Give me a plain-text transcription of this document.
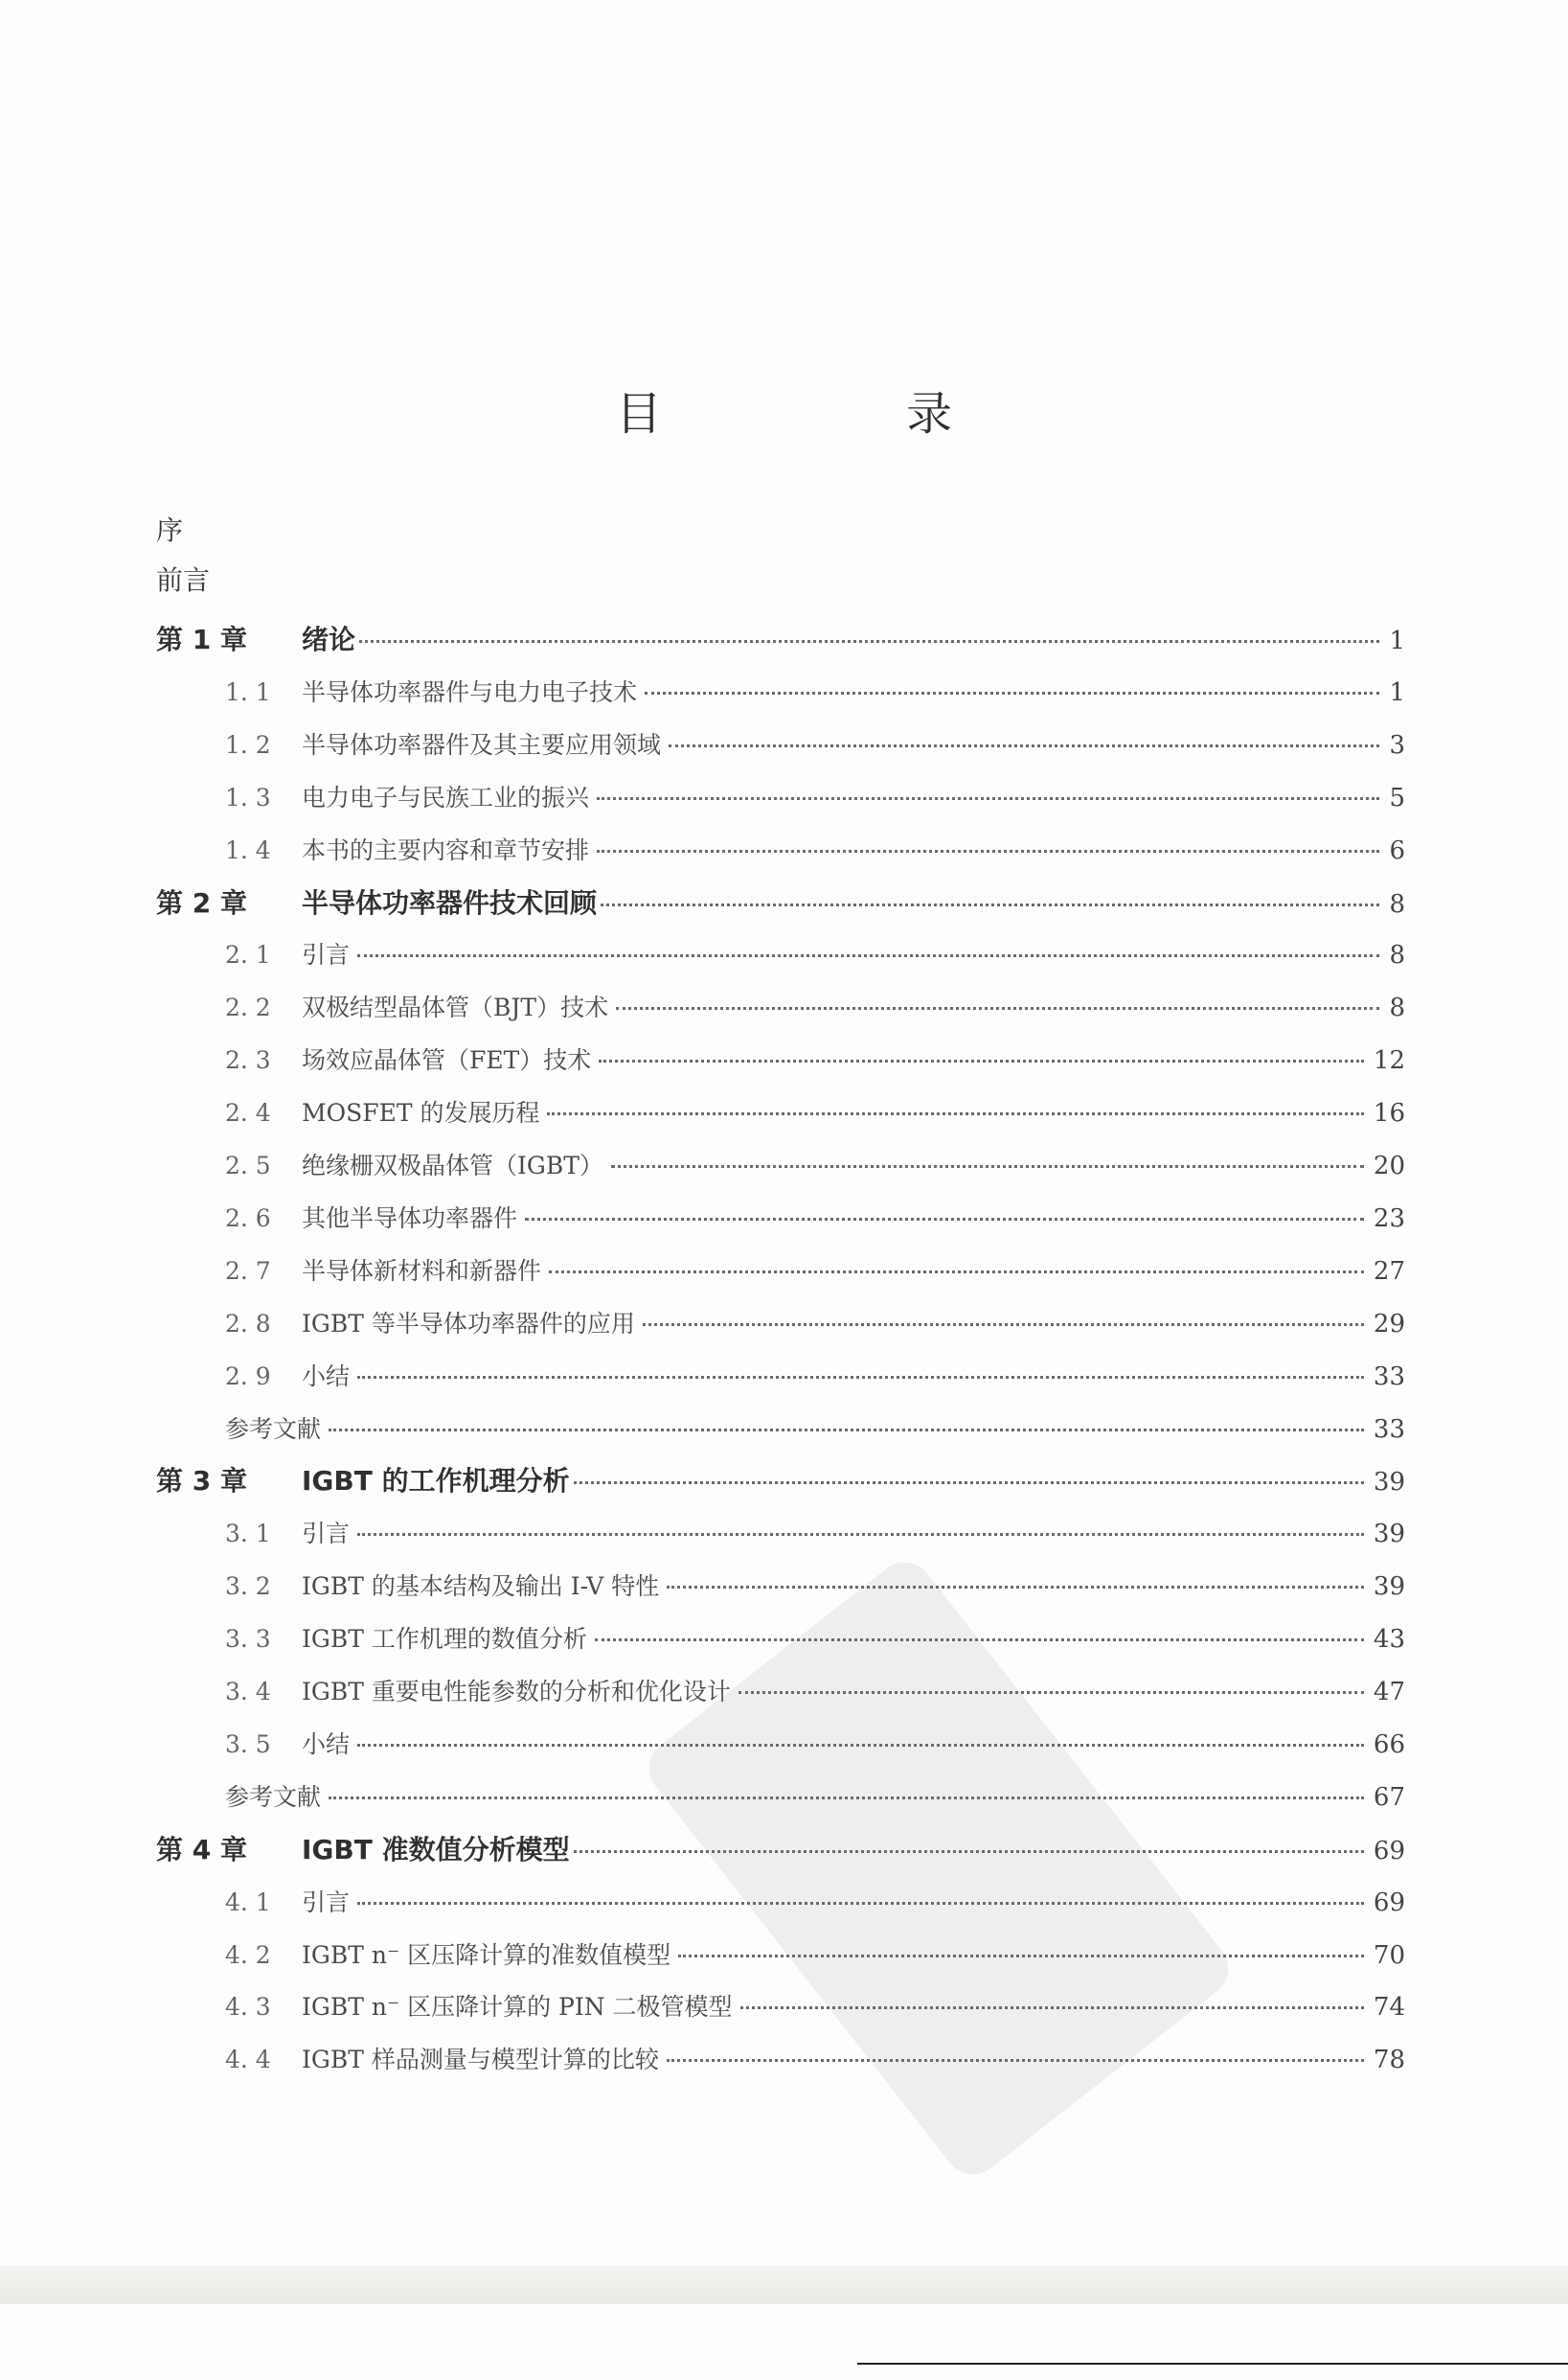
目 录
序
前言
第 1 章	绪论	1
1. 1	半导体功率器件与电力电子技术	1
1. 2	半导体功率器件及其主要应用领域	3
1. 3	电力电子与民族工业的振兴	5
1. 4	本书的主要内容和章节安排	6
第 2 章	半导体功率器件技术回顾	8
2. 1	引言	8
2. 2	双极结型晶体管（BJT）技术	8
2. 3	场效应晶体管（FET）技术	12
2. 4	MOSFET 的发展历程	16
2. 5	绝缘栅双极晶体管（IGBT）	20
2. 6	其他半导体功率器件	23
2. 7	半导体新材料和新器件	27
2. 8	IGBT 等半导体功率器件的应用	29
2. 9	小结	33
参考文献	33
第 3 章	IGBT 的工作机理分析	39
3. 1	引言	39
3. 2	IGBT 的基本结构及输出 I-V 特性	39
3. 3	IGBT 工作机理的数值分析	43
3. 4	IGBT 重要电性能参数的分析和优化设计	47
3. 5	小结	66
参考文献	67
第 4 章	IGBT 准数值分析模型	69
4. 1	引言	69
4. 2	IGBT n⁻ 区压降计算的准数值模型	70
4. 3	IGBT n⁻ 区压降计算的 PIN 二极管模型	74
4. 4	IGBT 样品测量与模型计算的比较	78
